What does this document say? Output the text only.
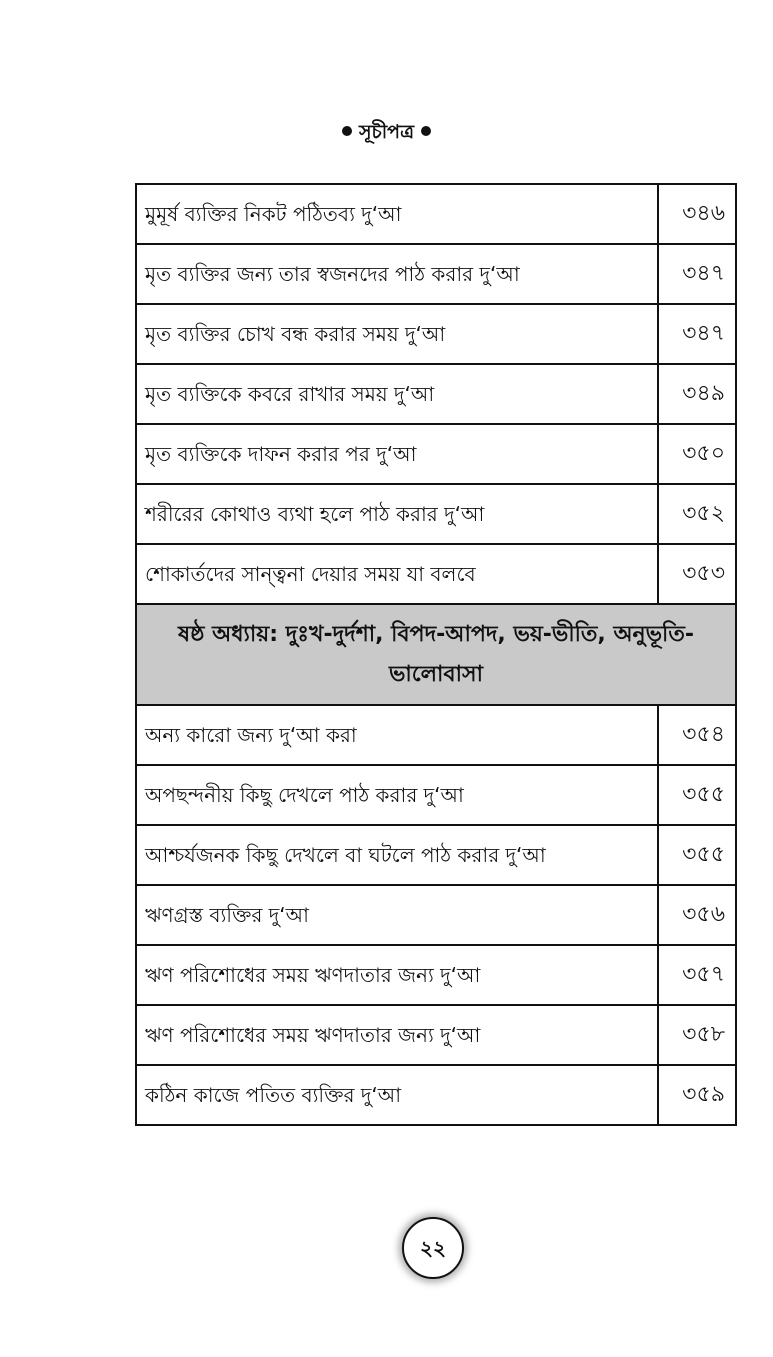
সূচীপত্র
মুমূর্ষ ব্যক্তির নিকট পঠিতব্য দু‘আ	৩৪৬
মৃত ব্যক্তির জন্য তার স্বজনদের পাঠ করার দু‘আ	৩৪৭
মৃত ব্যক্তির চোখ বন্ধ করার সময় দু‘আ	৩৪৭
মৃত ব্যক্তিকে কবরে রাখার সময় দু‘আ	৩৪৯
মৃত ব্যক্তিকে দাফন করার পর দু‘আ	৩৫০
শরীরের কোথাও ব্যথা হলে পাঠ করার দু‘আ	৩৫২
শোকার্তদের সান্ত্বনা দেয়ার সময় যা বলবে	৩৫৩

ষষ্ঠ অধ্যায়: দুঃখ-দুর্দশা, বিপদ-আপদ, ভয়-ভীতি, অনুভূতি-
ভালোবাসা	

অন্য কারো জন্য দু‘আ করা	৩৫৪
অপছন্দনীয় কিছু দেখলে পাঠ করার দু‘আ	৩৫৫
আশ্চর্যজনক কিছু দেখলে বা ঘটলে পাঠ করার দু‘আ	৩৫৫
ঋণগ্রস্ত ব্যক্তির দু‘আ	৩৫৬
ঋণ পরিশোধের সময় ঋণদাতার জন্য দু‘আ	৩৫৭
ঋণ পরিশোধের সময় ঋণদাতার জন্য দু‘আ	৩৫৮
কঠিন কাজে পতিত ব্যক্তির দু‘আ	৩৫৯
২২
